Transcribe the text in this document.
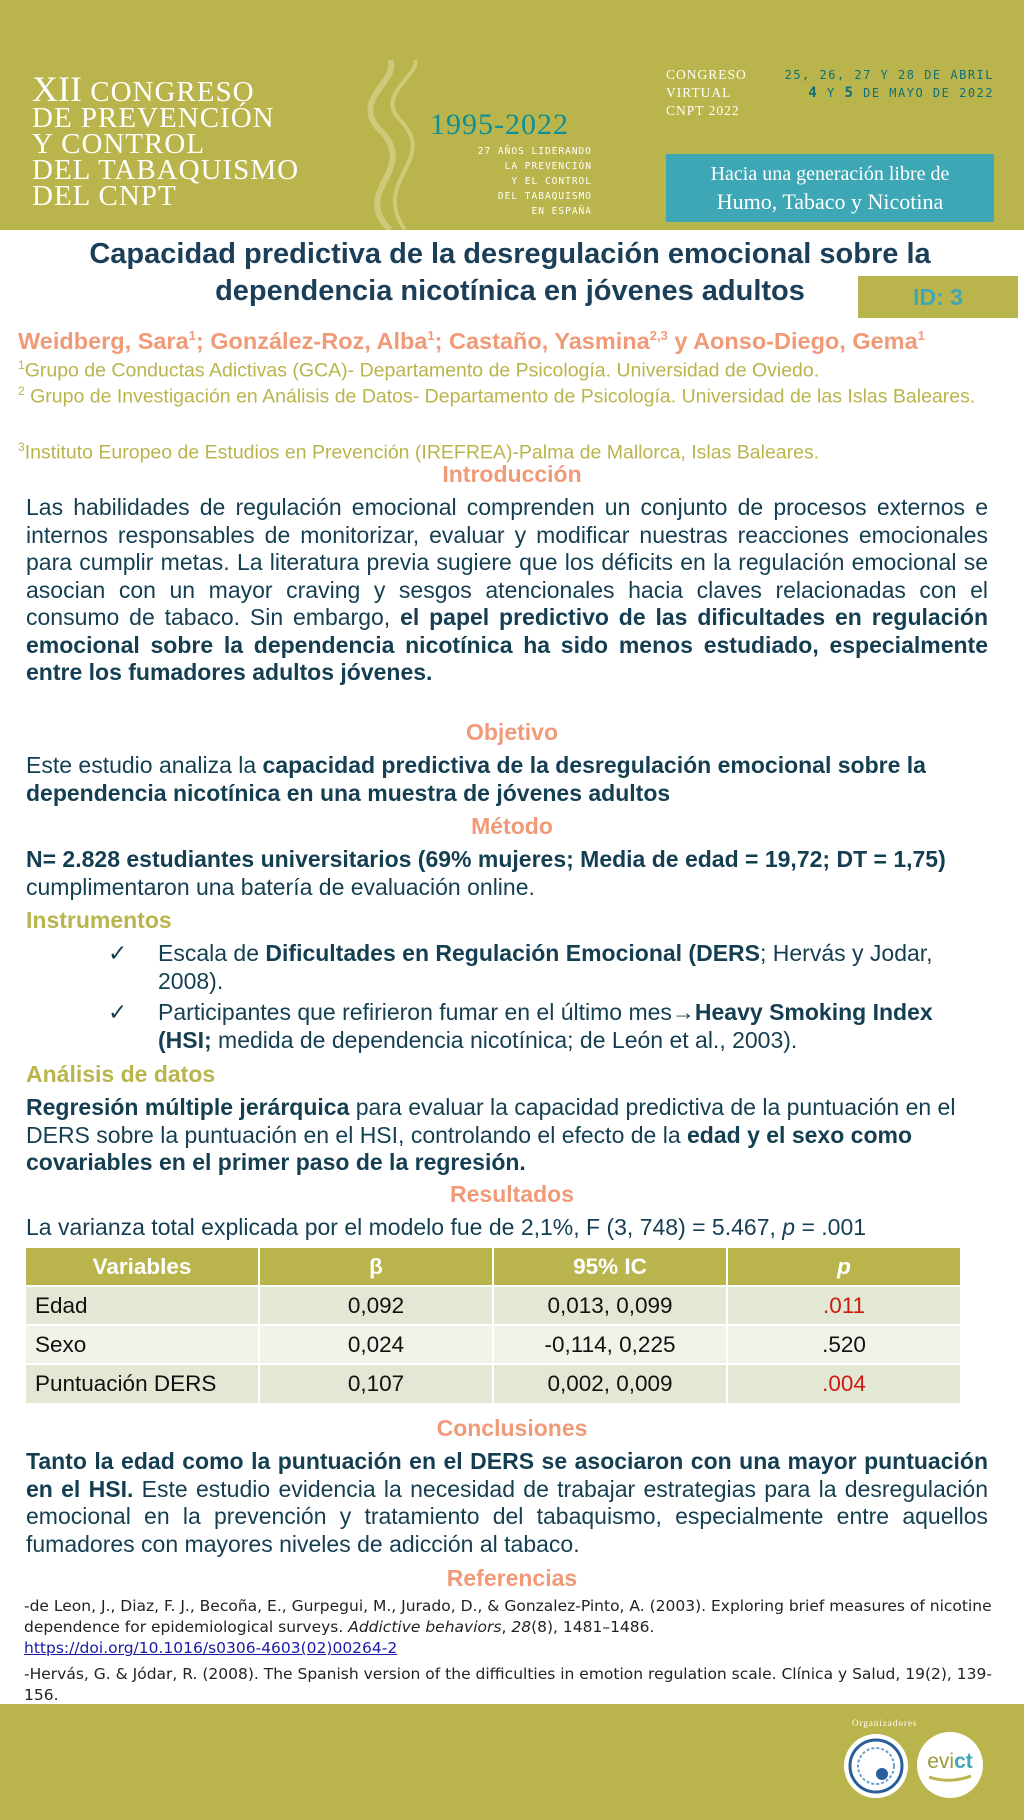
XII CONGRESO
DE PREVENCIÓN
Y CONTROL
DEL TABAQUISMO
DEL CNPT
1995-2022
27 AÑOS LIDERANDO
LA PREVENCIÓN
Y EL CONTROL
DEL TABAQUISMO
EN ESPAÑA
CONGRESO
VIRTUAL
CNPT 2022
25, 26, 27 Y 28 DE ABRIL
4 Y 5 DE MAYO DE 2022
Hacia una generación libre de
Humo, Tabaco y Nicotina
Capacidad predictiva de la desregulación emocional sobre la
dependencia nicotínica en jóvenes adultos	ID: 3
Weidberg, Sara$^1$; González-Roz, Alba$^1$; Castaño, Yasmina$^{2,3}$ y Aonso-Diego, Gema$^1$
$^1$Grupo de Conductas Adictivas (GCA)- Departamento de Psicología. Universidad de Oviedo.
$^2$ Grupo de Investigación en Análisis de Datos- Departamento de Psicología. Universidad de las Islas Baleares.
$^3$Instituto Europeo de Estudios en Prevención (IREFREA)-Palma de Mallorca, Islas Baleares.
Introducción
Las habilidades de regulación emocional comprenden un conjunto de procesos externos e internos responsables de monitorizar, evaluar y modificar nuestras reacciones emocionales para cumplir metas. La literatura previa sugiere que los déficits en la regulación emocional se asocian con un mayor craving y sesgos atencionales hacia claves relacionadas con el consumo de tabaco. Sin embargo, el papel predictivo de las dificultades en regulación emocional sobre la dependencia nicotínica ha sido menos estudiado, especialmente entre los fumadores adultos jóvenes.
Objetivo
Este estudio analiza la capacidad predictiva de la desregulación emocional sobre la dependencia nicotínica en una muestra de jóvenes adultos
Método
N= 2.828 estudiantes universitarios (69% mujeres; Media de edad = 19,72; DT = 1,75) cumplimentaron una batería de evaluación online.
Instrumentos
✓ Escala de Dificultades en Regulación Emocional (DERS; Hervás y Jodar, 2008).
✓ Participantes que refirieron fumar en el último mes→Heavy Smoking Index (HSI; medida de dependencia nicotínica; de León et al., 2003).
Análisis de datos
Regresión múltiple jerárquica para evaluar la capacidad predictiva de la puntuación en el DERS sobre la puntuación en el HSI, controlando el efecto de la edad y el sexo como covariables en el primer paso de la regresión.
Resultados
La varianza total explicada por el modelo fue de 2,1%, F (3, 748) = 5.467, p = .001
Variables	β	95% IC	p
Edad	0,092	0,013, 0,099	.011
Sexo	0,024	-0,114, 0,225	.520
Puntuación DERS	0,107	0,002, 0,009	.004
Conclusiones
Tanto la edad como la puntuación en el DERS se asociaron con una mayor puntuación en el HSI. Este estudio evidencia la necesidad de trabajar estrategias para la desregulación emocional en la prevención y tratamiento del tabaquismo, especialmente entre aquellos fumadores con mayores niveles de adicción al tabaco.
Referencias
-de Leon, J., Diaz, F. J., Becoña, E., Gurpegui, M., Jurado, D., & Gonzalez-Pinto, A. (2003). Exploring brief measures of nicotine dependence for epidemiological surveys. Addictive behaviors, 28(8), 1481–1486.
https://doi.org/10.1016/s0306-4603(02)00264-2
-Hervás, G. & Jódar, R. (2008). The Spanish version of the difficulties in emotion regulation scale. Clínica y Salud, 19(2), 139-156.
Organizadores
evict
